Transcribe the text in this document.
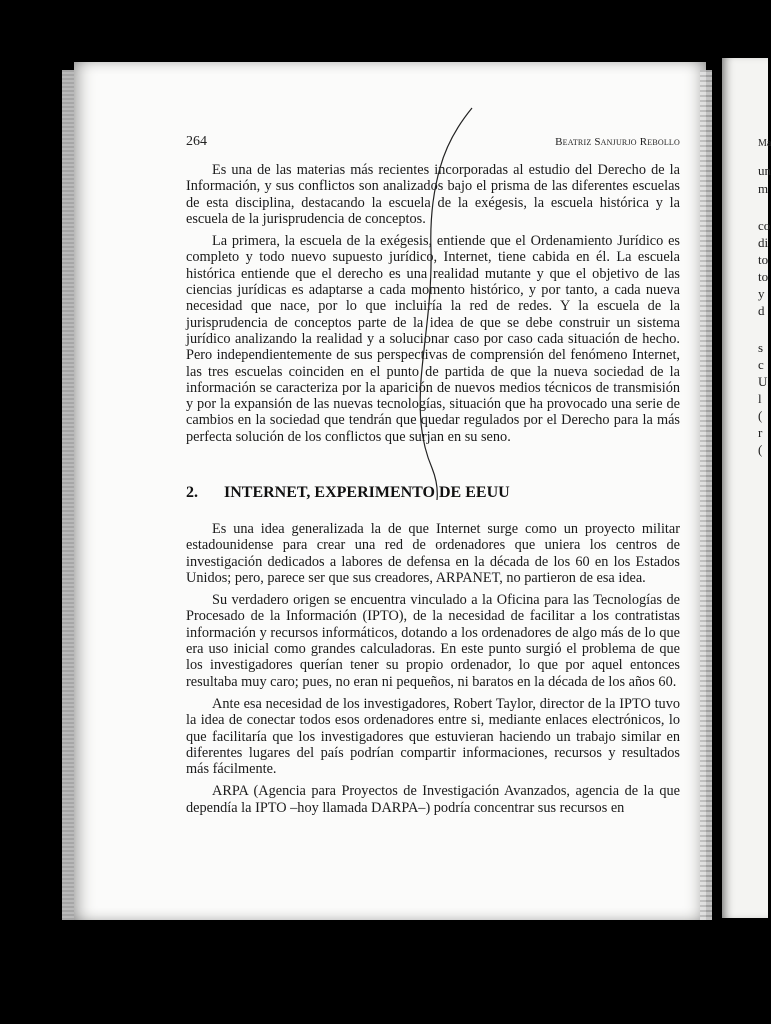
Ma
un
m
co
di
to
to
y
d
s
c
U
l
(
r
(
264	Beatriz Sanjurjo Rebollo

Es una de las materias más recientes incorporadas al estudio del Derecho de la Información, y sus conflictos son analizados bajo el prisma de las diferentes escuelas de esta disciplina, destacando la escuela de la exégesis, la escuela histórica y la escuela de la jurisprudencia de conceptos.

La primera, la escuela de la exégesis, entiende que el Ordenamiento Jurídico es completo y todo nuevo supuesto jurídico, Internet, tiene cabida en él. La escuela histórica entiende que el derecho es una realidad mutante y que el objetivo de las ciencias jurídicas es adaptarse a cada momento histórico, y por tanto, a cada nueva necesidad que nace, por lo que incluiría la red de redes. Y la escuela de la jurisprudencia de conceptos parte de la idea de que se debe construir un sistema jurídico analizando la realidad y a solucionar caso por caso cada situación de hecho. Pero independientemente de sus perspectivas de comprensión del fenómeno Internet, las tres escuelas coinciden en el punto de partida de que la nueva sociedad de la información se caracteriza por la aparición de nuevos medios técnicos de transmisión y por la expansión de las nuevas tecnologías, situación que ha provocado una serie de cambios en la sociedad que tendrán que quedar regulados por el Derecho para la más perfecta solución de los conflictos que surjan en su seno.

2. INTERNET, EXPERIMENTO DE EEUU

Es una idea generalizada la de que Internet surge como un proyecto militar estadounidense para crear una red de ordenadores que uniera los centros de investigación dedicados a labores de defensa en la década de los 60 en los Estados Unidos; pero, parece ser que sus creadores, ARPANET, no partieron de esa idea.

Su verdadero origen se encuentra vinculado a la Oficina para las Tecnologías de Procesado de la Información (IPTO), de la necesidad de facilitar a los contratistas información y recursos informáticos, dotando a los ordenadores de algo más de lo que era uso inicial como grandes calculadoras. En este punto surgió el problema de que los investigadores querían tener su propio ordenador, lo que por aquel entonces resultaba muy caro; pues, no eran ni pequeños, ni baratos en la década de los años 60.

Ante esa necesidad de los investigadores, Robert Taylor, director de la IPTO tuvo la idea de conectar todos esos ordenadores entre si, mediante enlaces electrónicos, lo que facilitaría que los investigadores que estuvieran haciendo un trabajo similar en diferentes lugares del país podrían compartir informaciones, recursos y resultados más fácilmente.

ARPA (Agencia para Proyectos de Investigación Avanzados, agencia de la que dependía la IPTO –hoy llamada DARPA–) podría concentrar sus recursos en
